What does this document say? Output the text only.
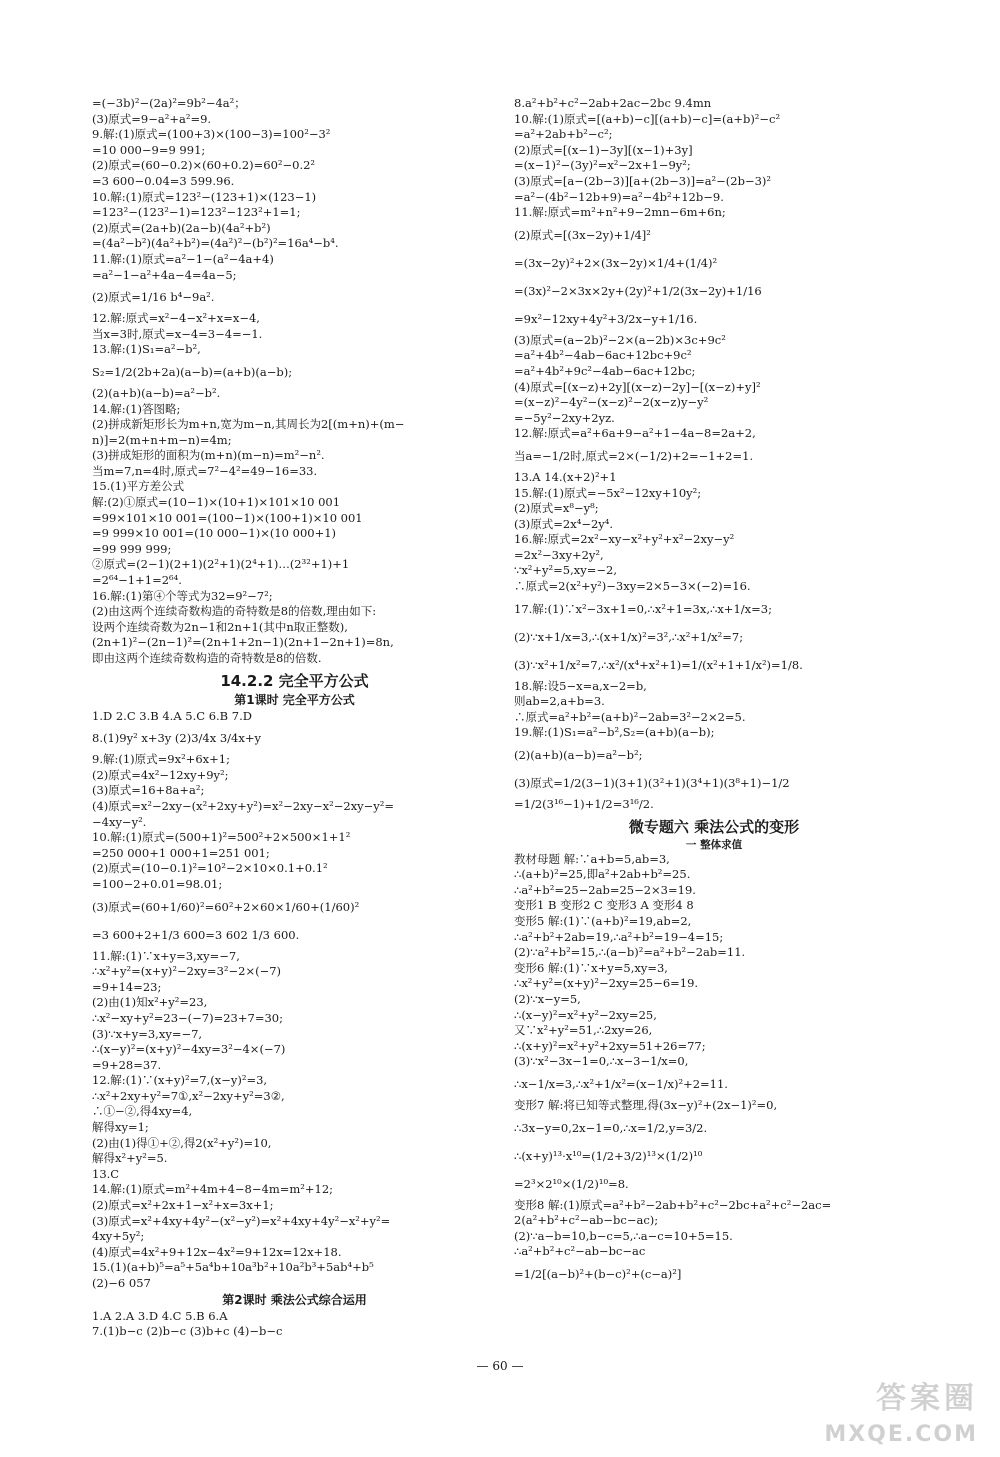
=(−3b)²−(2a)²=9b²−4a²；
(3)原式=9−a²+a²=9.
9.解:(1)原式=(100+3)×(100−3)=100²−3²
=10 000−9=9 991;
(2)原式=(60−0.2)×(60+0.2)=60²−0.2²
=3 600−0.04=3 599.96.
10.解:(1)原式=123²−(123+1)×(123−1)
=123²−(123²−1)=123²−123²+1=1;
(2)原式=(2a+b)(2a−b)(4a²+b²)
=(4a²−b²)(4a²+b²)=(4a²)²−(b²)²=16a⁴−b⁴.
11.解:(1)原式=a²−1−(a²−4a+4)
=a²−1−a²+4a−4=4a−5;
(2)原式=1/16 b⁴−9a².
12.解:原式=x²−4−x²+x=x−4,
当x=3时,原式=x−4=3−4=−1.
13.解:(1)S₁=a²−b²,
S₂=1/2(2b+2a)(a−b)=(a+b)(a−b);
(2)(a+b)(a−b)=a²−b².
14.解:(1)答图略;
(2)拼成新矩形长为m+n,宽为m−n,其周长为2[(m+n)+(m−
n)]=2(m+n+m−n)=4m;
(3)拼成矩形的面积为(m+n)(m−n)=m²−n².
当m=7,n=4时,原式=7²−4²=49−16=33.
15.(1)平方差公式
解:(2)①原式=(10−1)×(10+1)×101×10 001
=99×101×10 001=(100−1)×(100+1)×10 001
=9 999×10 001=(10 000−1)×(10 000+1)
=99 999 999;
②原式=(2−1)(2+1)(2²+1)(2⁴+1)…(2³²+1)+1
=2⁶⁴−1+1=2⁶⁴.
16.解:(1)第④个等式为32=9²−7²;
(2)由这两个连续奇数构造的奇特数是8的倍数,理由如下:
设两个连续奇数为2n−1和2n+1(其中n取正整数),
(2n+1)²−(2n−1)²=(2n+1+2n−1)(2n+1−2n+1)=8n,
即由这两个连续奇数构造的奇特数是8的倍数.
14.2.2 完全平方公式
第1课时 完全平方公式
1.D 2.C 3.B 4.A 5.C 6.B 7.D
8.(1)9y² x+3y (2)3/4x 3/4x+y
9.解:(1)原式=9x²+6x+1;
(2)原式=4x²−12xy+9y²;
(3)原式=16+8a+a²;
(4)原式=x²−2xy−(x²+2xy+y²)=x²−2xy−x²−2xy−y²=
−4xy−y².
10.解:(1)原式=(500+1)²=500²+2×500×1+1²
=250 000+1 000+1=251 001;
(2)原式=(10−0.1)²=10²−2×10×0.1+0.1²
=100−2+0.01=98.01;
(3)原式=(60+1/60)²=60²+2×60×1/60+(1/60)²
=3 600+2+1/3 600=3 602 1/3 600.
11.解:(1)∵x+y=3,xy=−7,
∴x²+y²=(x+y)²−2xy=3²−2×(−7)
=9+14=23;
(2)由(1)知x²+y²=23,
∴x²−xy+y²=23−(−7)=23+7=30;
(3)∵x+y=3,xy=−7,
∴(x−y)²=(x+y)²−4xy=3²−4×(−7)
=9+28=37.
12.解:(1)∵(x+y)²=7,(x−y)²=3,
∴x²+2xy+y²=7①,x²−2xy+y²=3②,
∴①−②,得4xy=4,
解得xy=1;
(2)由(1)得①+②,得2(x²+y²)=10,
解得x²+y²=5.
13.C
14.解:(1)原式=m²+4m+4−8−4m=m²+12;
(2)原式=x²+2x+1−x²+x=3x+1;
(3)原式=x²+4xy+4y²−(x²−y²)=x²+4xy+4y²−x²+y²=
4xy+5y²;
(4)原式=4x²+9+12x−4x²=9+12x=12x+18.
15.(1)(a+b)⁵=a⁵+5a⁴b+10a³b²+10a²b³+5ab⁴+b⁵
(2)−6 057
第2课时 乘法公式综合运用
1.A 2.A 3.D 4.C 5.B 6.A
7.(1)b−c (2)b−c (3)b+c (4)−b−c
8.a²+b²+c²−2ab+2ac−2bc 9.4mn
10.解:(1)原式=[(a+b)−c][(a+b)−c]=(a+b)²−c²
=a²+2ab+b²−c²;
(2)原式=[(x−1)−3y][(x−1)+3y]
=(x−1)²−(3y)²=x²−2x+1−9y²;
(3)原式=[a−(2b−3)][a+(2b−3)]=a²−(2b−3)²
=a²−(4b²−12b+9)=a²−4b²+12b−9.
11.解:原式=m²+n²+9−2mn−6m+6n;
(2)原式=[(3x−2y)+1/4]²
=(3x−2y)²+2×(3x−2y)×1/4+(1/4)²
=(3x)²−2×3x×2y+(2y)²+1/2(3x−2y)+1/16
=9x²−12xy+4y²+3/2x−y+1/16.
(3)原式=(a−2b)²−2×(a−2b)×3c+9c²
=a²+4b²−4ab−6ac+12bc+9c²
=a²+4b²+9c²−4ab−6ac+12bc;
(4)原式=[(x−z)+2y][(x−z)−2y]−[(x−z)+y]²
=(x−z)²−4y²−(x−z)²−2(x−z)y−y²
=−5y²−2xy+2yz.
12.解:原式=a²+6a+9−a²+1−4a−8=2a+2,
当a=−1/2时,原式=2×(−1/2)+2=−1+2=1.
13.A 14.(x+2)²+1
15.解:(1)原式=−5x²−12xy+10y²;
(2)原式=x⁸−y⁸;
(3)原式=2x⁴−2y⁴.
16.解:原式=2x²−xy−x²+y²+x²−2xy−y²
=2x²−3xy+2y²,
∵x²+y²=5,xy=−2,
∴原式=2(x²+y²)−3xy=2×5−3×(−2)=16.
17.解:(1)∵x²−3x+1=0,∴x²+1=3x,∴x+1/x=3;
(2)∵x+1/x=3,∴(x+1/x)²=3²,∴x²+1/x²=7;
(3)∵x²+1/x²=7,∴x²/(x⁴+x²+1)=1/(x²+1+1/x²)=1/8.
18.解:设5−x=a,x−2=b,
则ab=2,a+b=3.
∴原式=a²+b²=(a+b)²−2ab=3²−2×2=5.
19.解:(1)S₁=a²−b²,S₂=(a+b)(a−b);
(2)(a+b)(a−b)=a²−b²;
(3)原式=1/2(3−1)(3+1)(3²+1)(3⁴+1)(3⁸+1)−1/2
=1/2(3¹⁶−1)+1/2=3¹⁶/2.
微专题六 乘法公式的变形
一 整体求值
教材母题 解:∵a+b=5,ab=3,
∴(a+b)²=25,即a²+2ab+b²=25.
∴a²+b²=25−2ab=25−2×3=19.
变形1 B 变形2 C 变形3 A 变形4 8
变形5 解:(1)∵(a+b)²=19,ab=2,
∴a²+b²+2ab=19,∴a²+b²=19−4=15;
(2)∵a²+b²=15,∴(a−b)²=a²+b²−2ab=11.
变形6 解:(1)∵x+y=5,xy=3,
∴x²+y²=(x+y)²−2xy=25−6=19.
(2)∵x−y=5,
∴(x−y)²=x²+y²−2xy=25,
又∵x²+y²=51,∴2xy=26,
∴(x+y)²=x²+y²+2xy=51+26=77;
(3)∵x²−3x−1=0,∴x−3−1/x=0,
∴x−1/x=3,∴x²+1/x²=(x−1/x)²+2=11.
变形7 解:将已知等式整理,得(3x−y)²+(2x−1)²=0,
∴3x−y=0,2x−1=0,∴x=1/2,y=3/2.
∴(x+y)¹³·x¹⁰=(1/2+3/2)¹³×(1/2)¹⁰
=2³×2¹⁰×(1/2)¹⁰=8.
变形8 解:(1)原式=a²+b²−2ab+b²+c²−2bc+a²+c²−2ac=
2(a²+b²+c²−ab−bc−ac);
(2)∵a−b=10,b−c=5,∴a−c=10+5=15.
∴a²+b²+c²−ab−bc−ac
=1/2[(a−b)²+(b−c)²+(c−a)²]
— 60 —
答案圈
MXQE.COM
